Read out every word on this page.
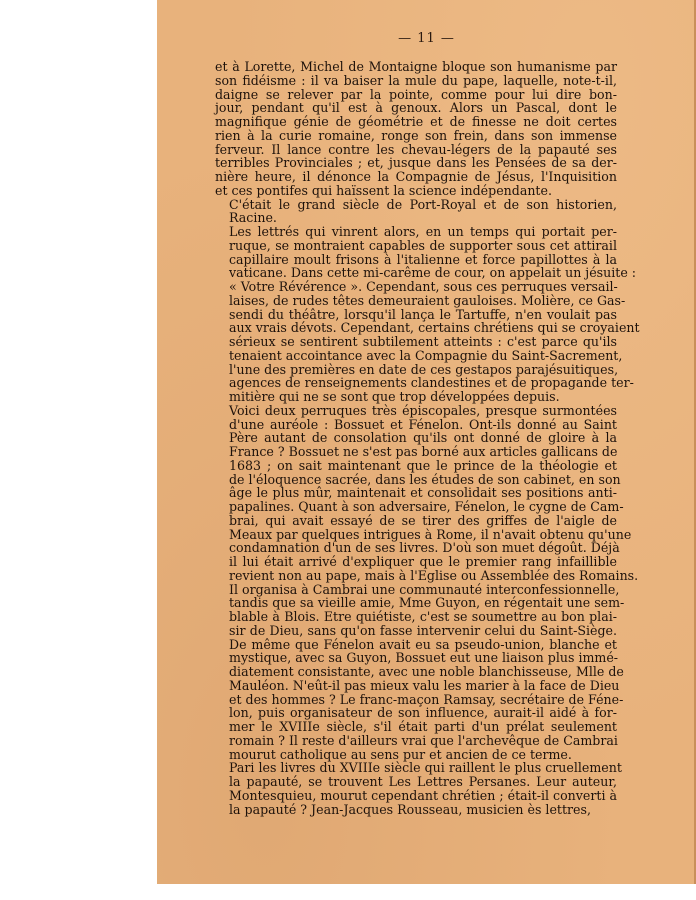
— 11 —
et à Lorette, Michel de Montaigne bloque son humanisme par
son fidéisme : il va baiser la mule du pape, laquelle, note-t-il,
daigne se relever par la pointe, comme pour lui dire bon-
jour, pendant qu'il est à genoux. Alors un Pascal, dont le
magnifique génie de géométrie et de finesse ne doit certes
rien à la curie romaine, ronge son frein, dans son immense
ferveur. Il lance contre les chevau-légers de la papauté ses
terribles Provinciales ; et, jusque dans les Pensées de sa der-
nière heure, il dénonce la Compagnie de Jésus, l'Inquisition
et ces pontifes qui haïssent la science indépendante.
C'était le grand siècle de Port-Royal et de son historien,
Racine.
Les lettrés qui vinrent alors, en un temps qui portait per-
ruque, se montraient capables de supporter sous cet attirail
capillaire moult frisons à l'italienne et force papillottes à la
vaticane. Dans cette mi-carême de cour, on appelait un jésuite :
« Votre Révérence ». Cependant, sous ces perruques versail-
laises, de rudes têtes demeuraient gauloises. Molière, ce Gas-
sendi du théâtre, lorsqu'il lança le Tartuffe, n'en voulait pas
aux vrais dévots. Cependant, certains chrétiens qui se croyaient
sérieux se sentirent subtilement atteints : c'est parce qu'ils
tenaient accointance avec la Compagnie du Saint-Sacrement,
l'une des premières en date de ces gestapos parajésuitiques,
agences de renseignements clandestines et de propagande ter-
mitière qui ne se sont que trop développées depuis.
Voici deux perruques très épiscopales, presque surmontées
d'une auréole : Bossuet et Fénelon. Ont-ils donné au Saint
Père autant de consolation qu'ils ont donné de gloire à la
France ? Bossuet ne s'est pas borné aux articles gallicans de
1683 ; on sait maintenant que le prince de la théologie et
de l'éloquence sacrée, dans les études de son cabinet, en son
âge le plus mûr, maintenait et consolidait ses positions anti-
papalines. Quant à son adversaire, Fénelon, le cygne de Cam-
brai, qui avait essayé de se tirer des griffes de l'aigle de
Meaux par quelques intrigues à Rome, il n'avait obtenu qu'une
condamnation d'un de ses livres. D'où son muet dégoût. Déjà
il lui était arrivé d'expliquer que le premier rang infaillible
revient non au pape, mais à l'Eglise ou Assemblée des Romains.
Il organisa à Cambrai une communauté interconfessionnelle,
tandis que sa vieille amie, Mme Guyon, en régentait une sem-
blable à Blois. Etre quiétiste, c'est se soumettre au bon plai-
sir de Dieu, sans qu'on fasse intervenir celui du Saint-Siège.
De même que Fénelon avait eu sa pseudo-union, blanche et
mystique, avec sa Guyon, Bossuet eut une liaison plus immé-
diatement consistante, avec une noble blanchisseuse, Mlle de
Mauléon. N'eût-il pas mieux valu les marier à la face de Dieu
et des hommes ? Le franc-maçon Ramsay, secrétaire de Féne-
lon, puis organisateur de son influence, aurait-il aidé à for-
mer le XVIIIe siècle, s'il était parti d'un prélat seulement
romain ? Il reste d'ailleurs vrai que l'archevêque de Cambrai
mourut catholique au sens pur et ancien de ce terme.
Pari les livres du XVIIIe siècle qui raillent le plus cruellement
la papauté, se trouvent Les Lettres Persanes. Leur auteur,
Montesquieu, mourut cependant chrétien ; était-il converti à
la papauté ? Jean-Jacques Rousseau, musicien ès lettres,
